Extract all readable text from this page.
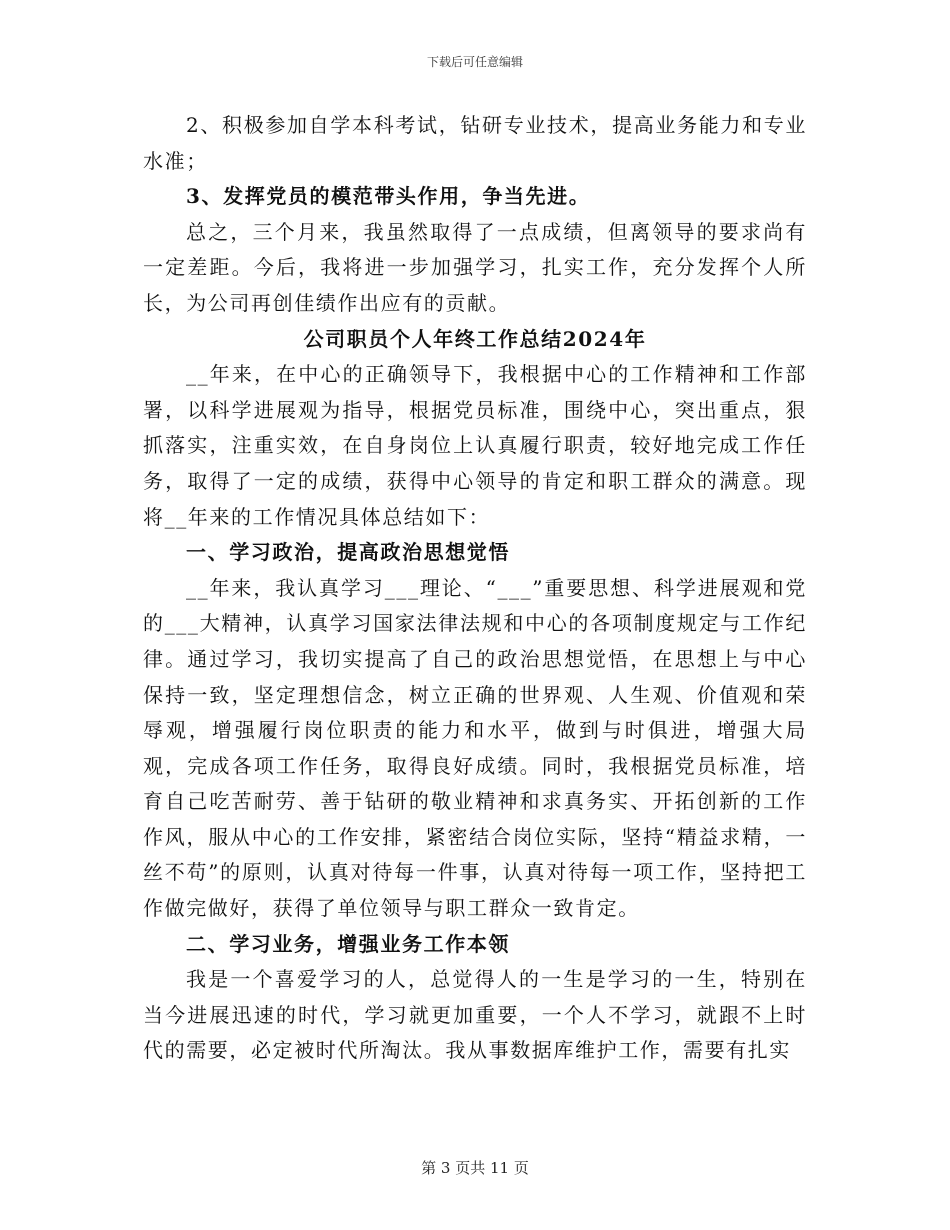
下载后可任意编辑

2、积极参加自学本科考试，钻研专业技术，提高业务能力和专业水准；

3、发挥党员的模范带头作用，争当先进。

总之，三个月来，我虽然取得了一点成绩，但离领导的要求尚有一定差距。今后，我将进一步加强学习，扎实工作，充分发挥个人所长，为公司再创佳绩作出应有的贡献。

公司职员个人年终工作总结2024年

__年来，在中心的正确领导下，我根据中心的工作精神和工作部署，以科学进展观为指导，根据党员标准，围绕中心，突出重点，狠抓落实，注重实效，在自身岗位上认真履行职责，较好地完成工作任务，取得了一定的成绩，获得中心领导的肯定和职工群众的满意。现将__年来的工作情况具体总结如下：

一、学习政治，提高政治思想觉悟

__年来，我认真学习___理论、“___”重要思想、科学进展观和党的___大精神，认真学习国家法律法规和中心的各项制度规定与工作纪律。通过学习，我切实提高了自己的政治思想觉悟，在思想上与中心保持一致，坚定理想信念，树立正确的世界观、人生观、价值观和荣辱观，增强履行岗位职责的能力和水平，做到与时俱进，增强大局观，完成各项工作任务，取得良好成绩。同时，我根据党员标准，培育自己吃苦耐劳、善于钻研的敬业精神和求真务实、开拓创新的工作作风，服从中心的工作安排，紧密结合岗位实际，坚持“精益求精，一丝不苟”的原则，认真对待每一件事，认真对待每一项工作，坚持把工作做完做好，获得了单位领导与职工群众一致肯定。

二、学习业务，增强业务工作本领

我是一个喜爱学习的人，总觉得人的一生是学习的一生，特别在当今进展迅速的时代，学习就更加重要，一个人不学习，就跟不上时代的需要，必定被时代所淘汰。我从事数据库维护工作，需要有扎实

第 3 页共 11 页
